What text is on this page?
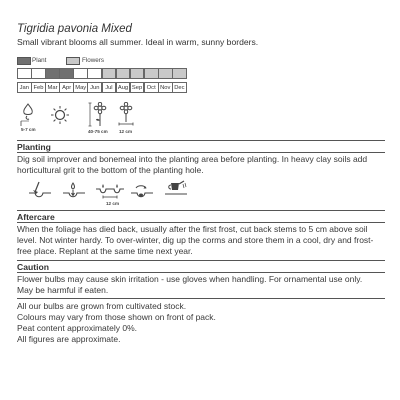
Tigridia pavonia Mixed
Small vibrant blooms all summer. Ideal in warm, sunny borders.
Plant	Flowers
Jan Feb Mar Apr May Jun Jul Aug Sep Oct Nov Dec
5-7 cm	40-75 cm 12 cm
Planting
Dig soil improver and bonemeal into the planting area before planting. In heavy clay soils add
horticultural grit to the bottom of the planting hole.
12 cm
Aftercare
When the foliage has died back, usually after the first frost, cut back stems to 5 cm above soil
level. Not winter hardy. To over-winter, dig up the corms and store them in a cool, dry and frost-
free place. Replant at the same time next year.
Caution
Flower bulbs may cause skin irritation - use gloves when handling. For ornamental use only.
May be harmful if eaten.
All our bulbs are grown from cultivated stock.
Colours may vary from those shown on front of pack.
Peat content approximately 0%.
All figures are approximate.
